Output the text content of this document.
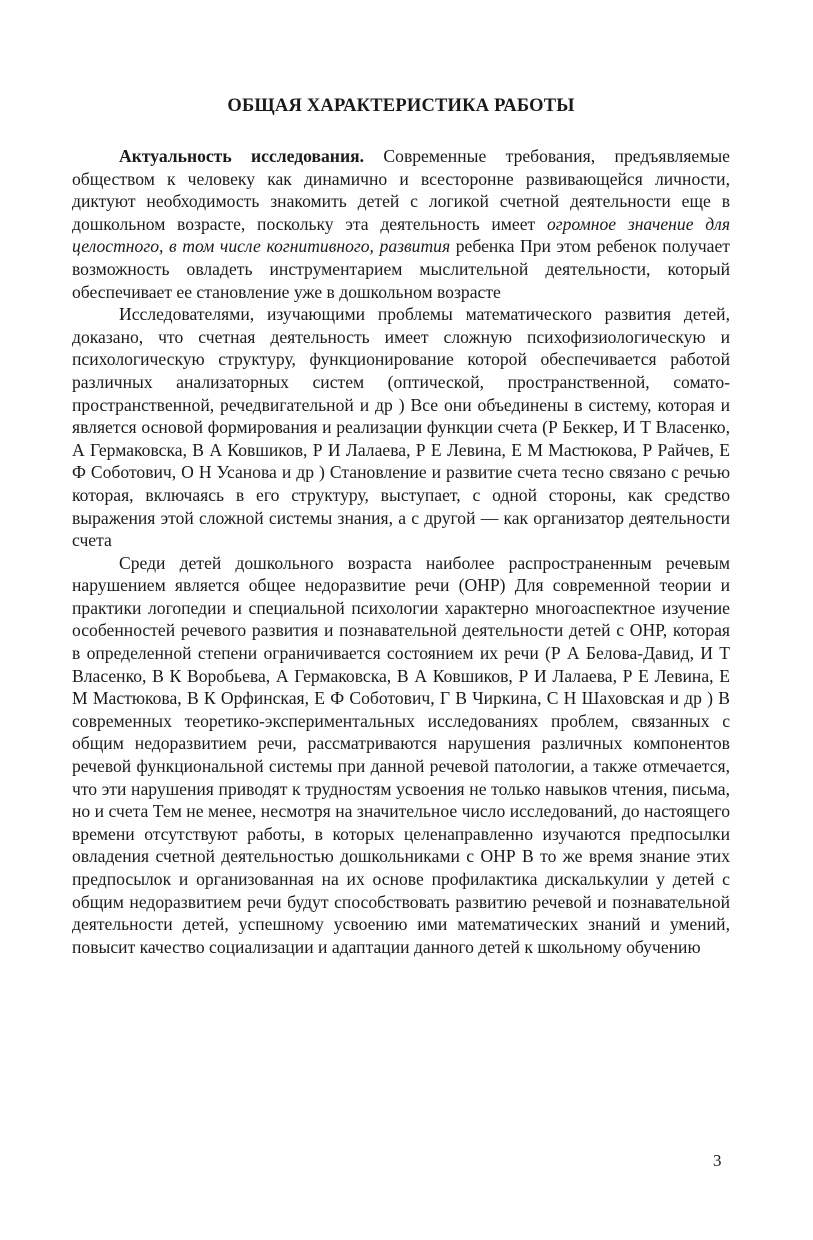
ОБЩАЯ ХАРАКТЕРИСТИКА РАБОТЫ

Актуальность исследования. Современные требования, предъявляемые обществом к человеку как динамично и всесторонне развивающейся личности, диктуют необходимость знакомить детей с логикой счетной деятельности еще в дошкольном возрасте, поскольку эта деятельность имеет огромное значение для целостного, в том числе когнитивного, развития ребенка При этом ребенок получает возможность овладеть инструментарием мыслительной деятельности, который обеспечивает ее становление уже в дошкольном возрасте

Исследователями, изучающими проблемы математического развития детей, доказано, что счетная деятельность имеет сложную психофизиологическую и психологическую структуру, функционирование которой обеспечивается работой различных анализаторных систем (оптической, пространственной, сомато-пространственной, речедвигательной и др ) Все они объединены в систему, которая и является основой формирования и реализации функции счета (Р Беккер, И Т Власенко, А Гермаковска, В А Ковшиков, Р И Лалаева, Р Е Левина, Е М Мастюкова, Р Райчев, Е Ф Соботович, О Н Усанова и др ) Становление и развитие счета тесно связано с речью которая, включаясь в его структуру, выступает, с одной стороны, как средство выражения этой сложной системы знания, а с другой — как организатор деятельности счета

Среди детей дошкольного возраста наиболее распространенным речевым нарушением является общее недоразвитие речи (ОНР) Для современной теории и практики логопедии и специальной психологии характерно многоаспектное изучение особенностей речевого развития и познавательной деятельности детей с ОНР, которая в определенной степени ограничивается состоянием их речи (Р А Белова-Давид, И Т Власенко, В К Воробьева, А Гермаковска, В А Ковшиков, Р И Лалаева, Р Е Левина, Е М Мастюкова, В К Орфинская, Е Ф Соботович, Г В Чиркина, С Н Шаховская и др ) В современных теоретико-экспериментальных исследованиях проблем, связанных с общим недоразвитием речи, рассматриваются нарушения различных компонентов речевой функциональной системы при данной речевой патологии, а также отмечается, что эти нарушения приводят к трудностям усвоения не только навыков чтения, письма, но и счета Тем не менее, несмотря на значительное число исследований, до настоящего времени отсутствуют работы, в которых целенаправленно изучаются предпосылки овладения счетной деятельностью дошкольниками с ОНР В то же время знание этих предпосылок и организованная на их основе профилактика дискалькулии у детей с общим недоразвитием речи будут способствовать развитию речевой и познавательной деятельности детей, успешному усвоению ими математических знаний и умений, повысит качество социализации и адаптации данного детей к школьному обучению

3
